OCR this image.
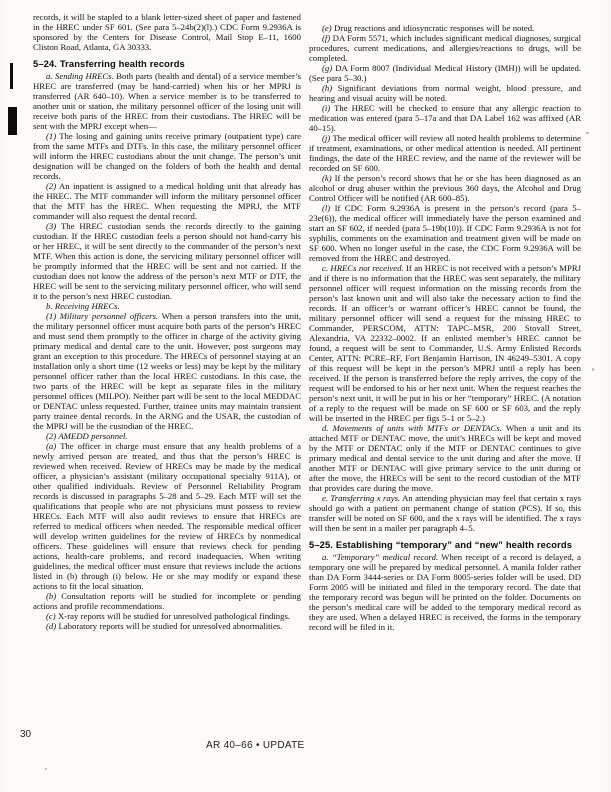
records, it will be stapled to a blank letter-sized sheet of paper and fastened in the HREC under SF 601. (See para 5–24b(2)(l).) CDC Form 9.2936A is sponsored by the Centers for Disease Control, Mail Stop E–11, 1600 Cliston Road, Atlanta, GA 30333.

5–24. Transferring health records

a. Sending HRECs. Both parts (health and dental) of a service member’s HREC are transferred (may be hand-carried) when his or her MPRJ is transferred (AR 640–10). When a service member is to be transferred to another unit or station, the military personnel officer of the losing unit will receive both parts of the HREC from their custodians. The HREC will be sent with the MPRJ except when—

(1) The losing and gaining units receive primary (outpatient type) care from the same MTFs and DTFs. In this case, the military personnel officer will inform the HREC custodians about the unit change. The person’s unit designation will be changed on the folders of both the health and dental records.

(2) An inpatient is assigned to a medical holding unit that already has the HREC. The MTF commander will inform the military personnel officer that the MTF has the HREC. When requesting the MPRJ, the MTF commander will also request the dental record.

(3) The HREC custodian sends the records directly to the gaining custodian. If the HREC custodian feels a person should not hand-carry his or her HREC, it will be sent directly to the commander of the person’s next MTF. When this action is done, the servicing military personnel officer will be promptly informed that the HREC will be sent and not carried. If the custodian does not know the address of the person’s next MTF or DTF, the HREC will be sent to the servicing military personnel officer, who will send it to the person’s next HREC custodian.

b. Receiving HRECs.

(1) Military personnel officers. When a person transfers into the unit, the military personnel officer must acquire both parts of the person’s HREC and must send them promptly to the officer in charge of the activity giving primary medical and dental care to the unit. However, post surgeons may grant an exception to this procedure. The HRECs of personnel staying at an installation only a short time (12 weeks or less) may be kept by the military personnel officer rather than the local HREC custodians. In this case, the two parts of the HREC will be kept as separate files in the military personnel offices (MILPO). Neither part will be sent to the local MEDDAC or DENTAC unless requested. Further, trainee units may maintain transient party trainee dental records. In the ARNG and the USAR, the custodian of the MPRJ will be the custodian of the HREC.

(2) AMEDD personnel.

(a) The officer in charge must ensure that any health problems of a newly arrived person are treated, and thus that the person’s HREC is reviewed when received. Review of HRECs may be made by the medical officer, a physician’s assistant (military occupational specialty 911A), or other qualified individuals. Review of Personnel Reliability Program records is discussed in paragraphs 5–28 and 5–29. Each MTF will set the qualifications that people who are not physicians must possess to review HRECs. Each MTF will also audit reviews to ensure that HRECs are referred to medical officers when needed. The responsible medical officer will develop written guidelines for the review of HRECs by nonmedical officers. These guidelines will ensure that reviews check for pending actions, health-care problems, and record inadequacies. When writing guidelines, the medical officer must ensure that reviews include the actions listed in (b) through (i) below. He or she may modify or expand these actions to fit the local situation.

(b) Consultation reports will be studied for incomplete or pending actions and profile recommendations.

(c) X-ray reports will be studied for unresolved pathological findings.

(d) Laboratory reports will be studied for unresolved abnormalities.

(e) Drug reactions and idiosyncratic responses will be noted.

(f) DA Form 5571, which includes significant medical diagnoses, surgical procedures, current medications, and allergies/reactions to drugs, will be completed.

(g) DA Form 8007 (Individual Medical History (IMH)) will be updated. (See para 5–30.)

(h) Significant deviations from normal weight, blood pressure, and hearing and visual acuity will be noted.

(i) The HREC will be checked to ensure that any allergic reaction to medication was entered (para 5–17a and that DA Label 162 was affixed (AR 40–15).

(j) The medical officer will review all noted health problems to determine if treatment, examinations, or other medical attention is needed. All pertinent findings, the date of the HREC review, and the name of the reviewer will be recorded on SF 600.

(k) If the person’s record shows that he or she has been diagnosed as an alcohol or drug abuser within the previous 360 days, the Alcohol and Drug Control Officer will be notified (AR 600–85).

(l) If CDC Form 9.2936A is present in the person’s record (para 5–23e(6)), the medical officer will immediately have the person examined and start an SF 602, if needed (para 5–19b(10)). If CDC Form 9.2936A is not for syphilis, comments on the examination and treatment given will be made on SF 600. When no longer useful in the case, the CDC Form 9.2936A will be removed from the HREC and destroyed.

c. HRECs not received. If an HREC is not received with a person’s MPRJ and if there is no information that the HREC was sent separately, the military personnel officer will request information on the missing records from the person’s last known unit and will also take the necessary action to find the records. If an officer’s or warrant officer’s HREC cannot be found, the military personnel officer will send a request for the missing HREC to Commander, PERSCOM, ATTN: TAPC–MSR, 200 Stovall Street, Alexandria, VA 22332–0002. If an enlisted member’s HREC cannot be found, a request will be sent to Commander, U.S. Army Enlisted Records Center, ATTN: PCRE–RF, Fort Benjamin Harrison, IN 46249–5301. A copy of this request will be kept in the person’s MPRJ until a reply has been received. If the person is transferred before the reply arrives, the copy of the request will be endorsed to his or her next unit. When the request reaches the person’s next unit, it will be put in his or her “temporary” HREC. (A notation of a reply to the request will be made on SF 600 or SF 603, and the reply will be inserted in the HREC per figs 5–1 or 5–2.)

d. Movements of units with MTFs or DENTACs. When a unit and its attached MTF or DENTAC move, the unit’s HRECs will be kept and moved by the MTF or DENTAC only if the MTF or DENTAC continues to give primary medical and dental service to the unit during and after the move. If another MTF or DENTAC will give primary service to the unit during or after the move, the HRECs will be sent to the record custodian of the MTF that provides care during the move.

e. Transferring x rays. An attending physician may feel that certain x rays should go with a patient on permanent change of station (PCS). If so, this transfer will be noted on SF 600, and the x rays will be identified. The x rays will then be sent in a mailer per paragraph 4–5.

5–25. Establishing “temporary” and “new” health records

a. “Temporary” medical record. When receipt of a record is delayed, a temporary one will be prepared by medical personnel. A manila folder rather than DA Form 3444-series or DA Form 8005-series folder will be used. DD Form 2005 will be initiated and filed in the temporary record. The date that the temporary record was begun will be printed on the folder. Documents on the person’s medical care will be added to the temporary medical record as they are used. When a delayed HREC is received, the forms in the temporary record will be filed in it.

30
AR 40–66 • UPDATE
